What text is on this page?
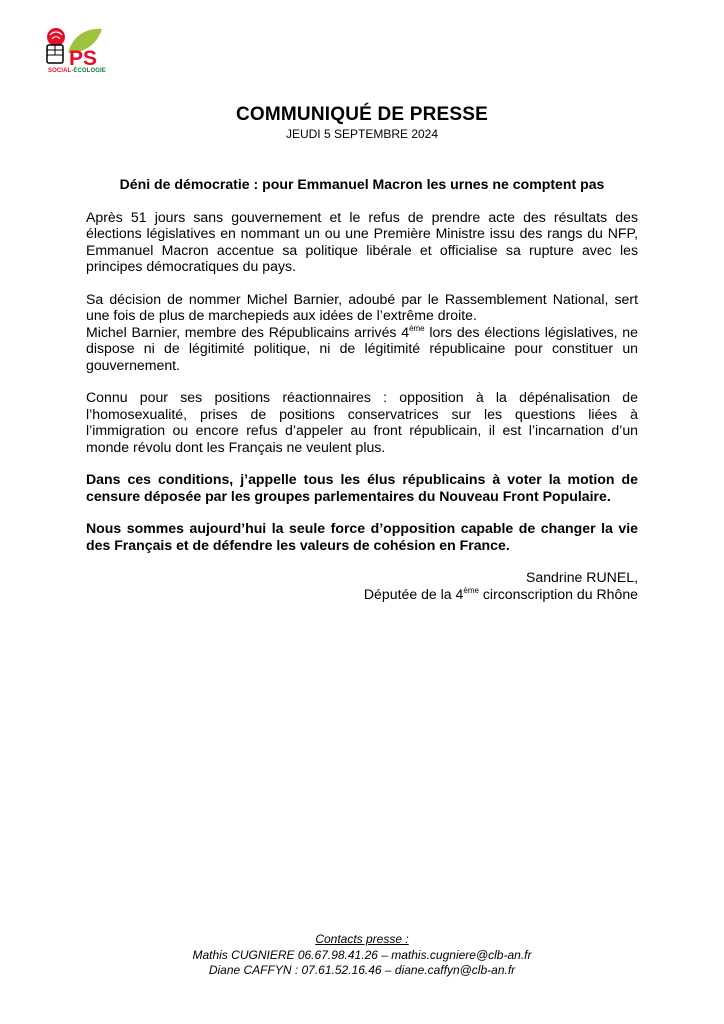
PS
SOCIAL-ÉCOLOGIE
COMMUNIQUÉ DE PRESSE
JEUDI 5 SEPTEMBRE 2024
Déni de démocratie : pour Emmanuel Macron les urnes ne comptent pas

Après 51 jours sans gouvernement et le refus de prendre acte des résultats des élections législatives en nommant un ou une Première Ministre issu des rangs du NFP, Emmanuel Macron accentue sa politique libérale et officialise sa rupture avec les principes démocratiques du pays.

Sa décision de nommer Michel Barnier, adoubé par le Rassemblement National, sert une fois de plus de marchepieds aux idées de l’extrême droite.

Michel Barnier, membre des Républicains arrivés 4ème lors des élections législatives, ne dispose ni de légitimité politique, ni de légitimité républicaine pour constituer un gouvernement.

Connu pour ses positions réactionnaires : opposition à la dépénalisation de l’homosexualité, prises de positions conservatrices sur les questions liées à l’immigration ou encore refus d’appeler au front républicain, il est l’incarnation d’un monde révolu dont les Français ne veulent plus.

Dans ces conditions, j’appelle tous les élus républicains à voter la motion de censure déposée par les groupes parlementaires du Nouveau Front Populaire.

Nous sommes aujourd’hui la seule force d’opposition capable de changer la vie des Français et de défendre les valeurs de cohésion en France.

Sandrine RUNEL,
Députée de la 4ème circonscription du Rhône
Contacts presse :
Mathis CUGNIERE 06.67.98.41.26 – mathis.cugniere@clb-an.fr
Diane CAFFYN : 07.61.52.16.46 – diane.caffyn@clb-an.fr
